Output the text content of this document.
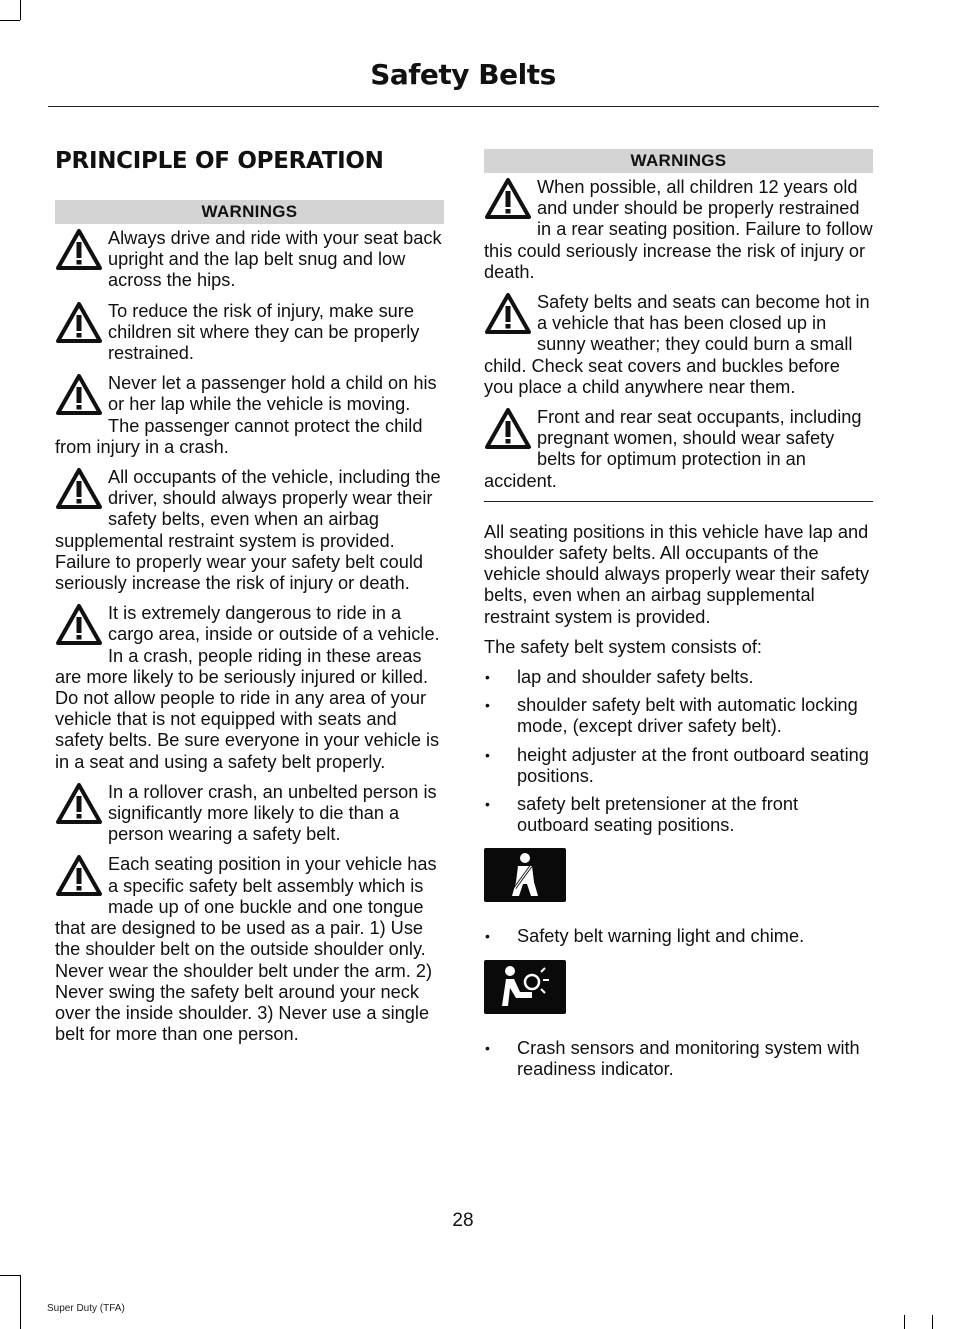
Safety Belts
PRINCIPLE OF OPERATION
WARNINGS

Always drive and ride with your seat back upright and the lap belt snug and low across the hips.

To reduce the risk of injury, make sure children sit where they can be properly restrained.

Never let a passenger hold a child on his or her lap while the vehicle is moving. The passenger cannot protect the child from injury in a crash.

All occupants of the vehicle, including the driver, should always properly wear their safety belts, even when an airbag supplemental restraint system is provided. Failure to properly wear your safety belt could seriously increase the risk of injury or death.

It is extremely dangerous to ride in a cargo area, inside or outside of a vehicle. In a crash, people riding in these areas are more likely to be seriously injured or killed. Do not allow people to ride in any area of your vehicle that is not equipped with seats and safety belts. Be sure everyone in your vehicle is in a seat and using a safety belt properly.

In a rollover crash, an unbelted person is significantly more likely to die than a person wearing a safety belt.

Each seating position in your vehicle has a specific safety belt assembly which is made up of one buckle and one tongue that are designed to be used as a pair. 1) Use the shoulder belt on the outside shoulder only. Never wear the shoulder belt under the arm. 2) Never swing the safety belt around your neck over the inside shoulder. 3) Never use a single belt for more than one person.

WARNINGS

When possible, all children 12 years old and under should be properly restrained in a rear seating position. Failure to follow this could seriously increase the risk of injury or death.

Safety belts and seats can become hot in a vehicle that has been closed up in sunny weather; they could burn a small child. Check seat covers and buckles before you place a child anywhere near them.

Front and rear seat occupants, including pregnant women, should wear safety belts for optimum protection in an accident.

All seating positions in this vehicle have lap and shoulder safety belts. All occupants of the vehicle should always properly wear their safety belts, even when an airbag supplemental restraint system is provided.

The safety belt system consists of:

• lap and shoulder safety belts.
• shoulder safety belt with automatic locking mode, (except driver safety belt).
• height adjuster at the front outboard seating positions.
• safety belt pretensioner at the front outboard seating positions.
• Safety belt warning light and chime.
• Crash sensors and monitoring system with readiness indicator.
28
Super Duty (TFA)
